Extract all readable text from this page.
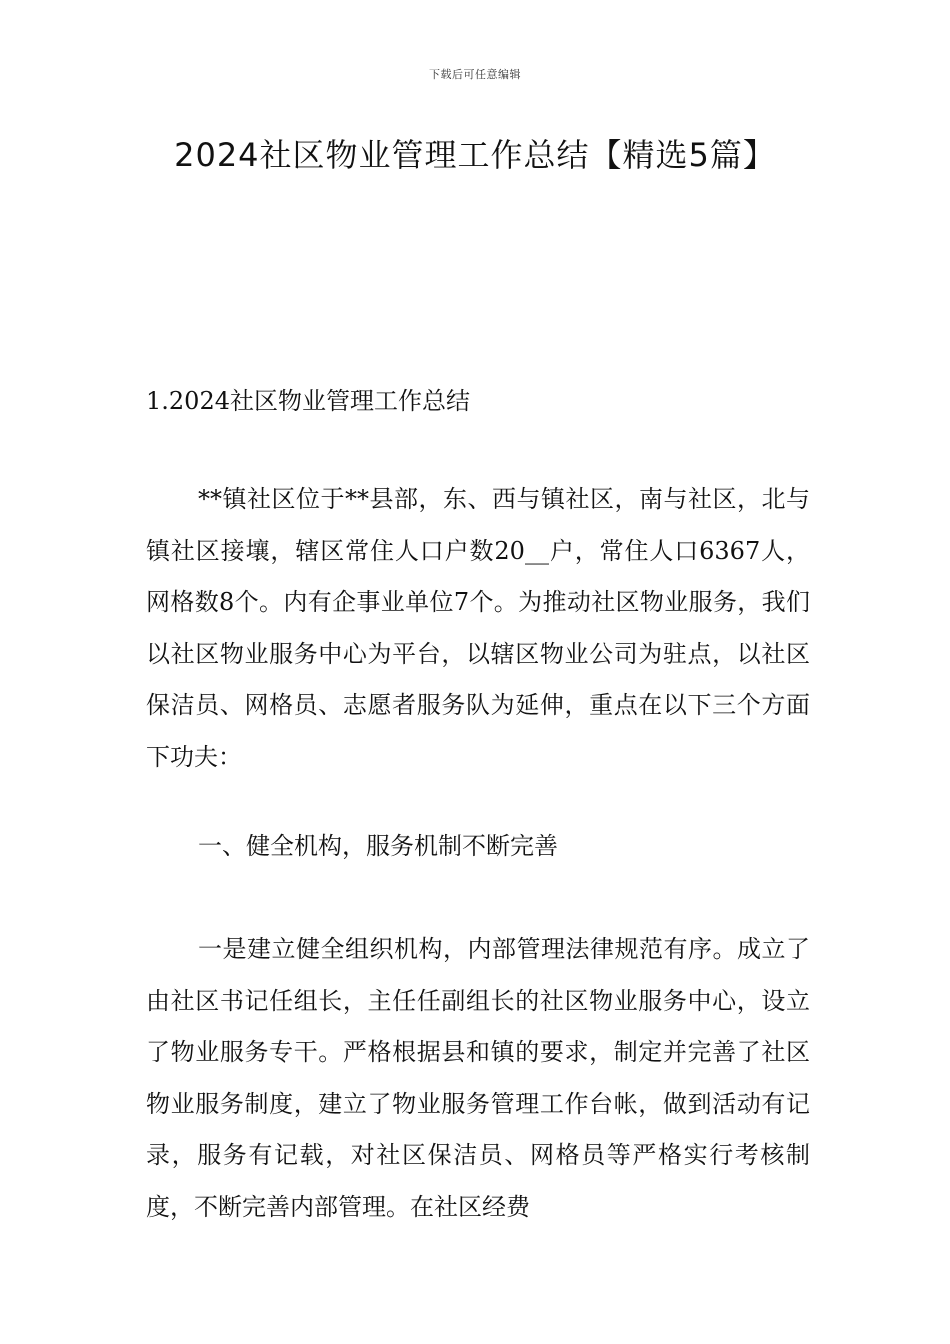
下载后可任意编辑
2024社区物业管理工作总结【精选5篇】
1.2024社区物业管理工作总结

**镇社区位于**县部，东、西与镇社区，南与社区，北与镇社区接壤，辖区常住人口户数20__户，常住人口6367人，网格数8个。内有企事业单位7个。为推动社区物业服务，我们以社区物业服务中心为平台，以辖区物业公司为驻点，以社区保洁员、网格员、志愿者服务队为延伸，重点在以下三个方面下功夫：

一、健全机构，服务机制不断完善

一是建立健全组织机构，内部管理法律规范有序。成立了由社区书记任组长，主任任副组长的社区物业服务中心，设立了物业服务专干。严格根据县和镇的要求，制定并完善了社区物业服务制度，建立了物业服务管理工作台帐，做到活动有记录，服务有记载，对社区保洁员、网格员等严格实行考核制度，不断完善内部管理。在社区经费
